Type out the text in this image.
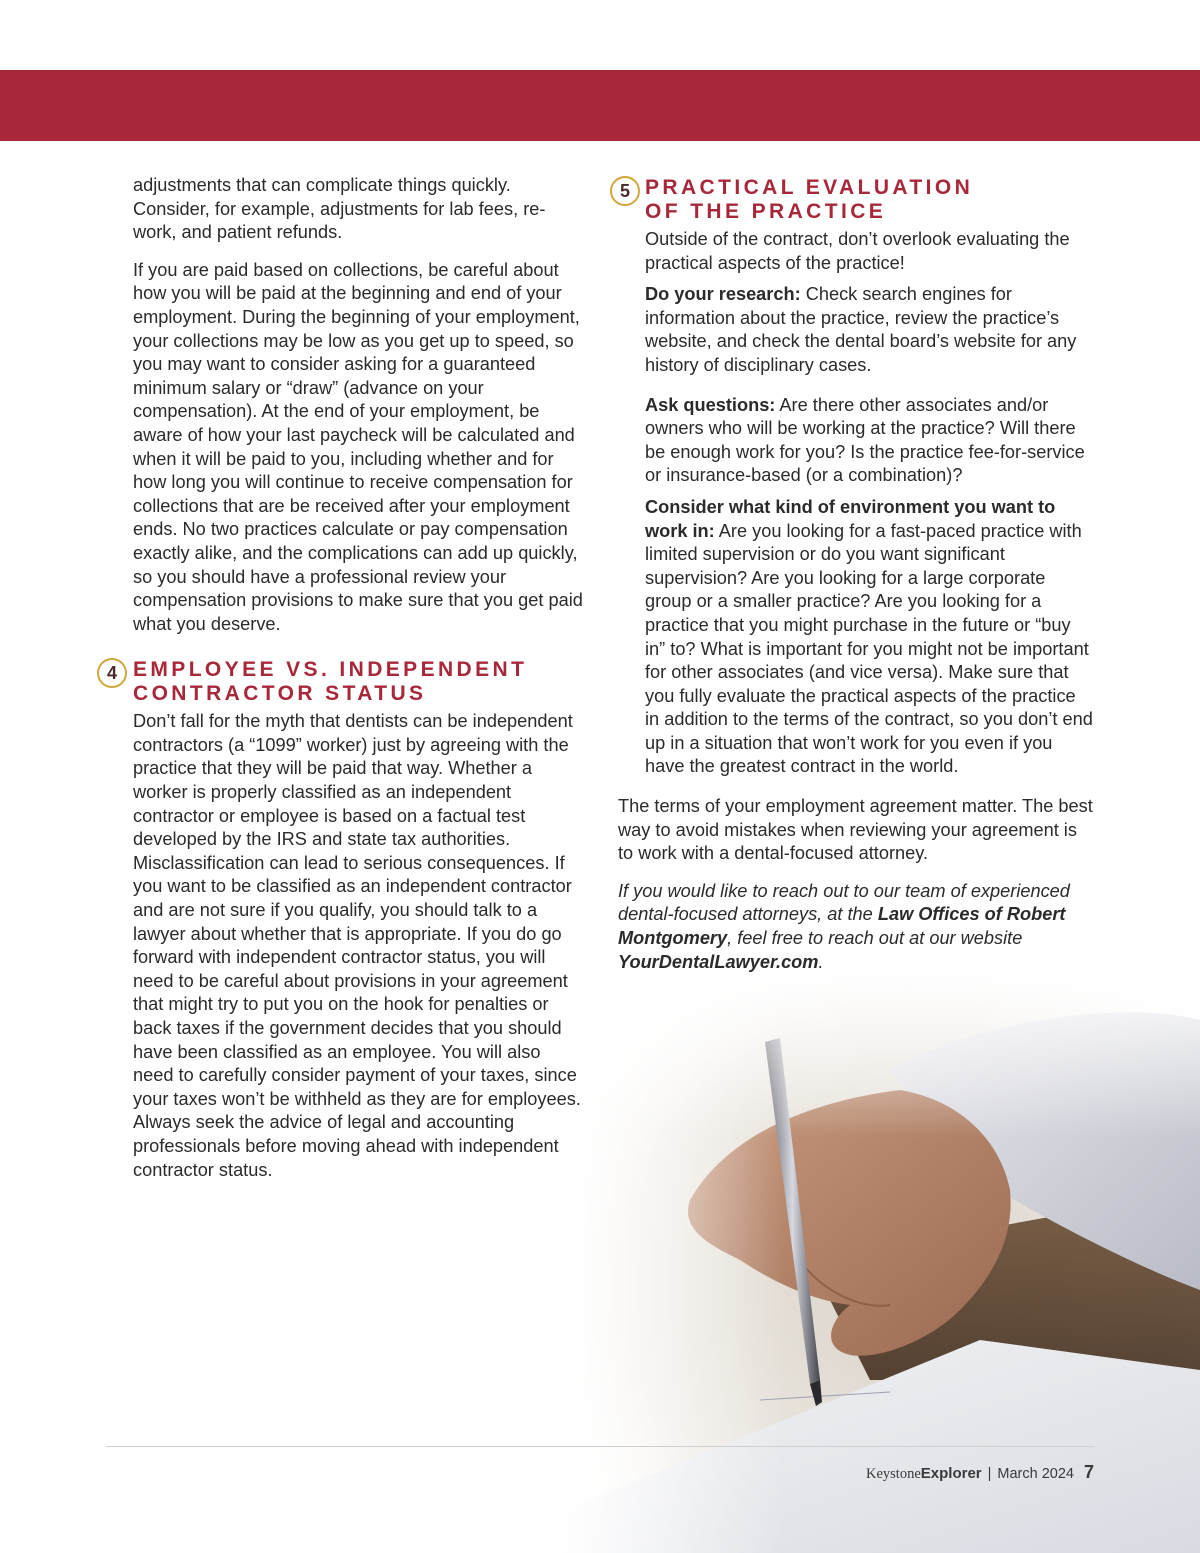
adjustments that can complicate things quickly. Consider, for example, adjustments for lab fees, re-work, and patient refunds.

If you are paid based on collections, be careful about how you will be paid at the beginning and end of your employment. During the beginning of your employment, your collections may be low as you get up to speed, so you may want to consider asking for a guaranteed minimum salary or “draw” (advance on your compensation). At the end of your employment, be aware of how your last paycheck will be calculated and when it will be paid to you, including whether and for how long you will continue to receive compensation for collections that are be received after your employment ends. No two practices calculate or pay compensation exactly alike, and the complications can add up quickly, so you should have a professional review your compensation provisions to make sure that you get paid what you deserve.

4 EMPLOYEE VS. INDEPENDENT
CONTRACTOR STATUS

Don’t fall for the myth that dentists can be independent contractors (a “1099” worker) just by agreeing with the practice that they will be paid that way. Whether a worker is properly classified as an independent contractor or employee is based on a factual test developed by the IRS and state tax authorities. Misclassification can lead to serious consequences. If you want to be classified as an independent contractor and are not sure if you qualify, you should talk to a lawyer about whether that is appropriate. If you do go forward with independent contractor status, you will need to be careful about provisions in your agreement that might try to put you on the hook for penalties or back taxes if the government decides that you should have been classified as an employee. You will also need to carefully consider payment of your taxes, since your taxes won’t be withheld as they are for employees. Always seek the advice of legal and accounting professionals before moving ahead with independent contractor status.

5 PRACTICAL EVALUATION
OF THE PRACTICE

Outside of the contract, don’t overlook evaluating the practical aspects of the practice!

Do your research: Check search engines for information about the practice, review the practice’s website, and check the dental board’s website for any history of disciplinary cases.

Ask questions: Are there other associates and/or owners who will be working at the practice? Will there be enough work for you? Is the practice fee-for-service or insurance-based (or a combination)?

Consider what kind of environment you want to work in: Are you looking for a fast-paced practice with limited supervision or do you want significant supervision? Are you looking for a large corporate group or a smaller practice? Are you looking for a practice that you might purchase in the future or “buy in” to? What is important for you might not be important for other associates (and vice versa). Make sure that you fully evaluate the practical aspects of the practice in addition to the terms of the contract, so you don’t end up in a situation that won’t work for you even if you have the greatest contract in the world.

The terms of your employment agreement matter. The best way to avoid mistakes when reviewing your agreement is to work with a dental-focused attorney.

If you would like to reach out to our team of experienced dental-focused attorneys, at the Law Offices of Robert Montgomery, feel free to reach out at our website YourDentalLawyer.com.

Keystone Explorer | March 2024 7
